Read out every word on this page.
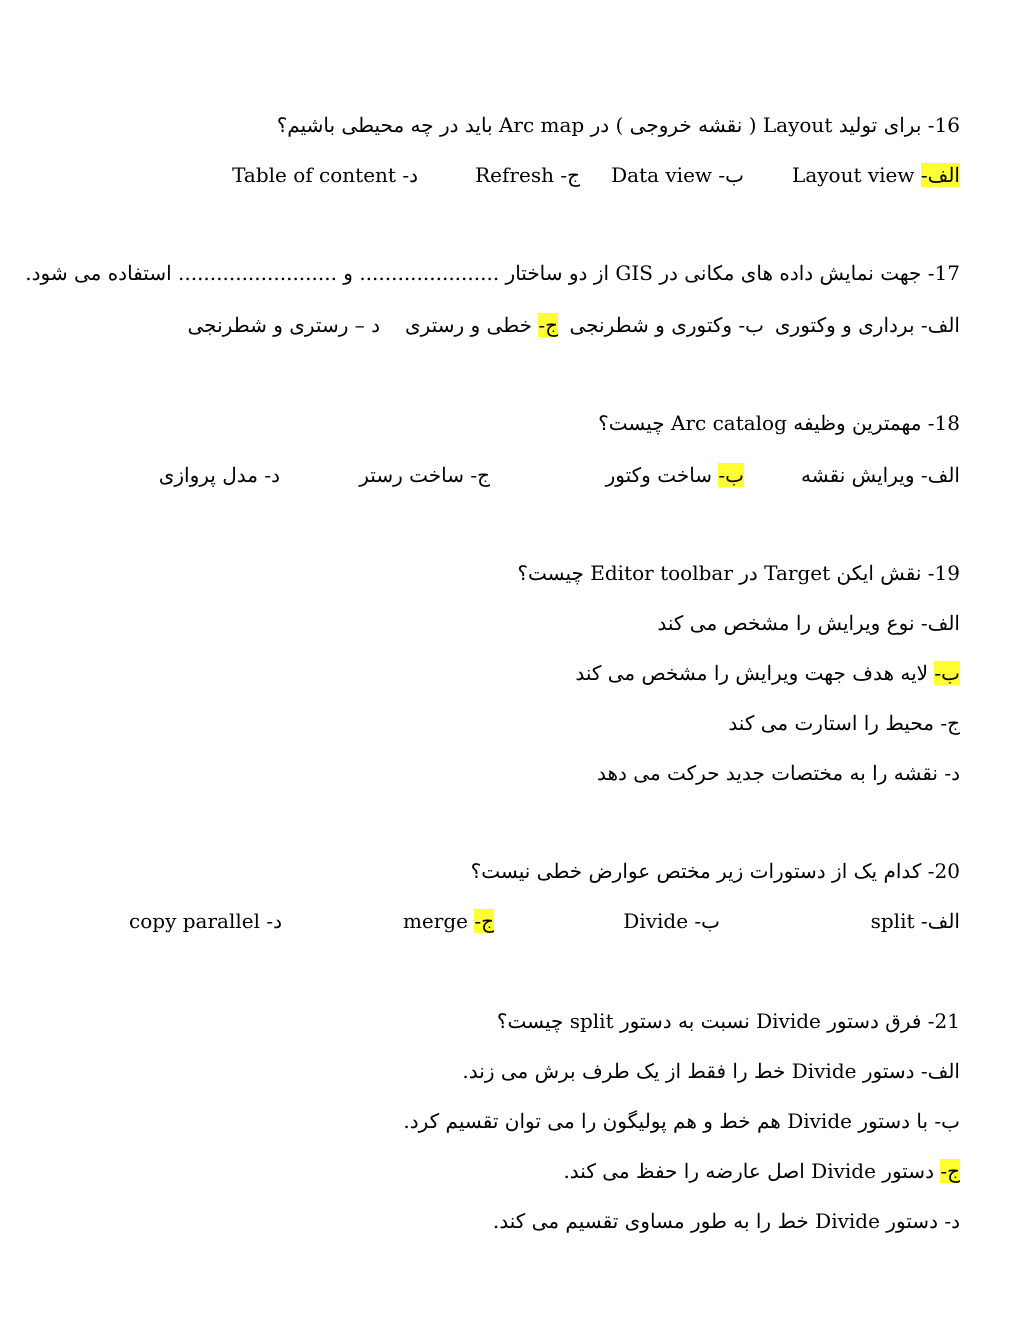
16- برای تولید Layout ( نقشه خروجی ) در Arc map باید در چه محیطی باشیم؟
الف- Layout view
ب- Data view
ج- Refresh
د- Table of content
17- جهت نمایش داده های مکانی در GIS از دو ساختار ...................... و ......................... استفاده می شود.
الف- برداری و وکتوری
ب- وکتوری و شطرنجی
ج- خطی و رستری
د – رستری و شطرنجی
18- مهمترین وظیفه Arc catalog چیست؟
الف- ویرایش نقشه
ب- ساخت وکتور
ج- ساخت رستر
د- مدل پروازی
19- نقش ایکن Target در Editor toolbar چیست؟
الف- نوع ویرایش را مشخص می کند
ب- لایه هدف جهت ویرایش را مشخص می کند
ج- محیط را استارت می کند
د- نقشه را به مختصات جدید حرکت می دهد
20- کدام یک از دستورات زیر مختص عوارض خطی نیست؟
الف- split
ب- Divide
ج- merge
د- copy parallel
21- فرق دستور Divide نسبت به دستور split چیست؟
الف- دستور Divide خط را فقط از یک طرف برش می زند.
ب- با دستور Divide هم خط و هم پولیگون را می توان تقسیم کرد.
ج- دستور Divide اصل عارضه را حفظ می کند.
د- دستور Divide خط را به طور مساوی تقسیم می کند.
